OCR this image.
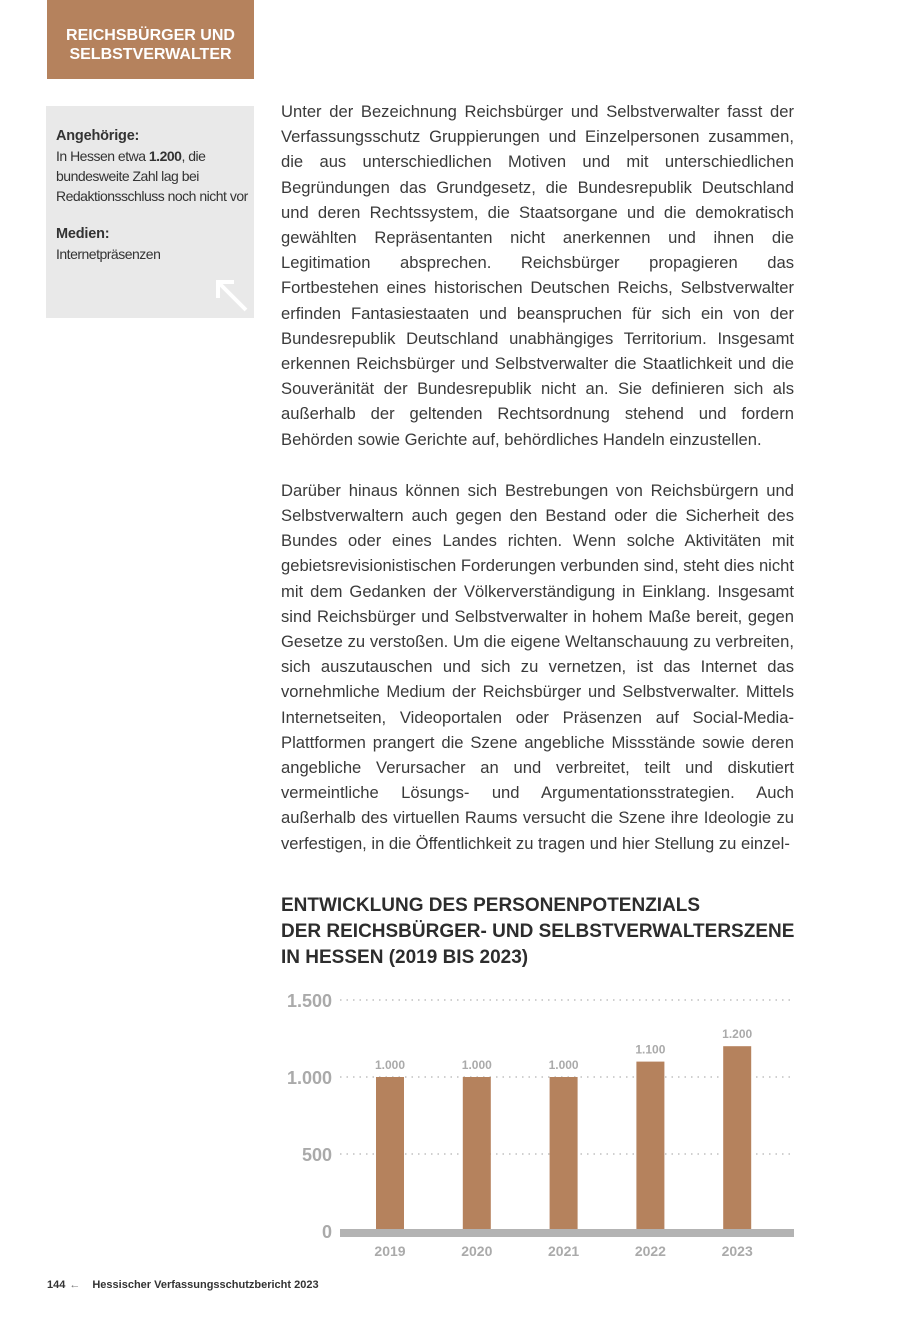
REICHSBÜRGER UND
SELBSTVERWALTER
Angehörige:
In Hessen etwa 1.200, die bundesweite Zahl lag bei Redaktionsschluss noch nicht vor
Medien:
Internetpräsenzen

Unter der Bezeichnung Reichsbürger und Selbstverwalter fasst der Verfassungsschutz Gruppierungen und Einzelpersonen zusammen, die aus unterschiedlichen Motiven und mit unterschiedlichen Begründungen das Grundgesetz, die Bundesrepublik Deutschland und deren Rechtssystem, die Staatsorgane und die demokratisch gewählten Repräsentanten nicht anerkennen und ihnen die Legitimation absprechen. Reichsbürger propagieren das Fortbestehen eines historischen Deutschen Reichs, Selbstverwalter erfinden Fantasiestaaten und beanspruchen für sich ein von der Bundesrepublik Deutschland unabhängiges Territorium. Insgesamt erkennen Reichsbürger und Selbstverwalter die Staatlichkeit und die Souveränität der Bundesrepublik nicht an. Sie definieren sich als außerhalb der geltenden Rechtsordnung stehend und fordern Behörden sowie Gerichte auf, behördliches Handeln einzustellen.

Darüber hinaus können sich Bestrebungen von Reichsbürgern und Selbstverwaltern auch gegen den Bestand oder die Sicherheit des Bundes oder eines Landes richten. Wenn solche Aktivitäten mit gebietsrevisionistischen Forderungen verbunden sind, steht dies nicht mit dem Gedanken der Völkerverständigung in Einklang. Insgesamt sind Reichsbürger und Selbstverwalter in hohem Maße bereit, gegen Gesetze zu verstoßen. Um die eigene Weltanschauung zu verbreiten, sich auszutauschen und sich zu vernetzen, ist das Internet das vornehmliche Medium der Reichsbürger und Selbstverwalter. Mittels Internetseiten, Videoportalen oder Präsenzen auf Social-Media-Plattformen prangert die Szene angebliche Missstände sowie deren angebliche Verursacher an und verbreitet, teilt und diskutiert vermeintliche Lösungs- und Argumentationsstrategien. Auch außerhalb des virtuellen Raums versucht die Szene ihre Ideologie zu verfestigen, in die Öffentlichkeit zu tragen und hier Stellung zu einzel-

ENTWICKLUNG DES PERSONENPOTENZIALS
DER REICHSBÜRGER- UND SELBSTVERWALTERSZENE
IN HESSEN (2019 BIS 2023)
0
500
1.000
1.500
1.000
2019
1.000
2020
1.000
2021
1.100
2022
1.200
2023
144 ← Hessischer Verfassungsschutzbericht 2023
